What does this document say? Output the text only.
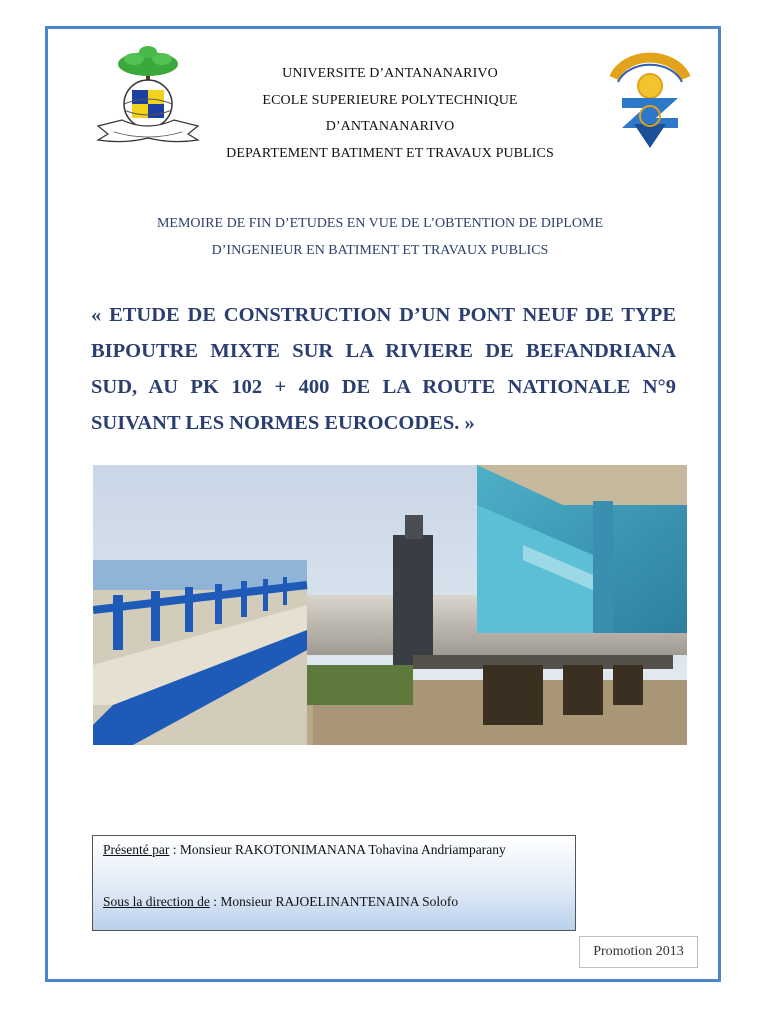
UNIVERSITE D’ANTANANARIVO
ECOLE SUPERIEURE POLYTECHNIQUE
D’ANTANANARIVO
DEPARTEMENT BATIMENT ET TRAVAUX PUBLICS
MEMOIRE DE FIN D’ETUDES EN VUE DE L’OBTENTION DE DIPLOME
D’INGENIEUR EN BATIMENT ET TRAVAUX PUBLICS
« ETUDE DE CONSTRUCTION D’UN PONT NEUF DE TYPE BIPOUTRE MIXTE SUR LA RIVIERE DE BEFANDRIANA SUD, AU PK 102 + 400 DE LA ROUTE NATIONALE N°9 SUIVANT LES NORMES EUROCODES. »
Présenté par : Monsieur RAKOTONIMANANA Tohavina Andriamparany
Sous la direction de : Monsieur RAJOELINANTENAINA Solofo
Promotion 2013
